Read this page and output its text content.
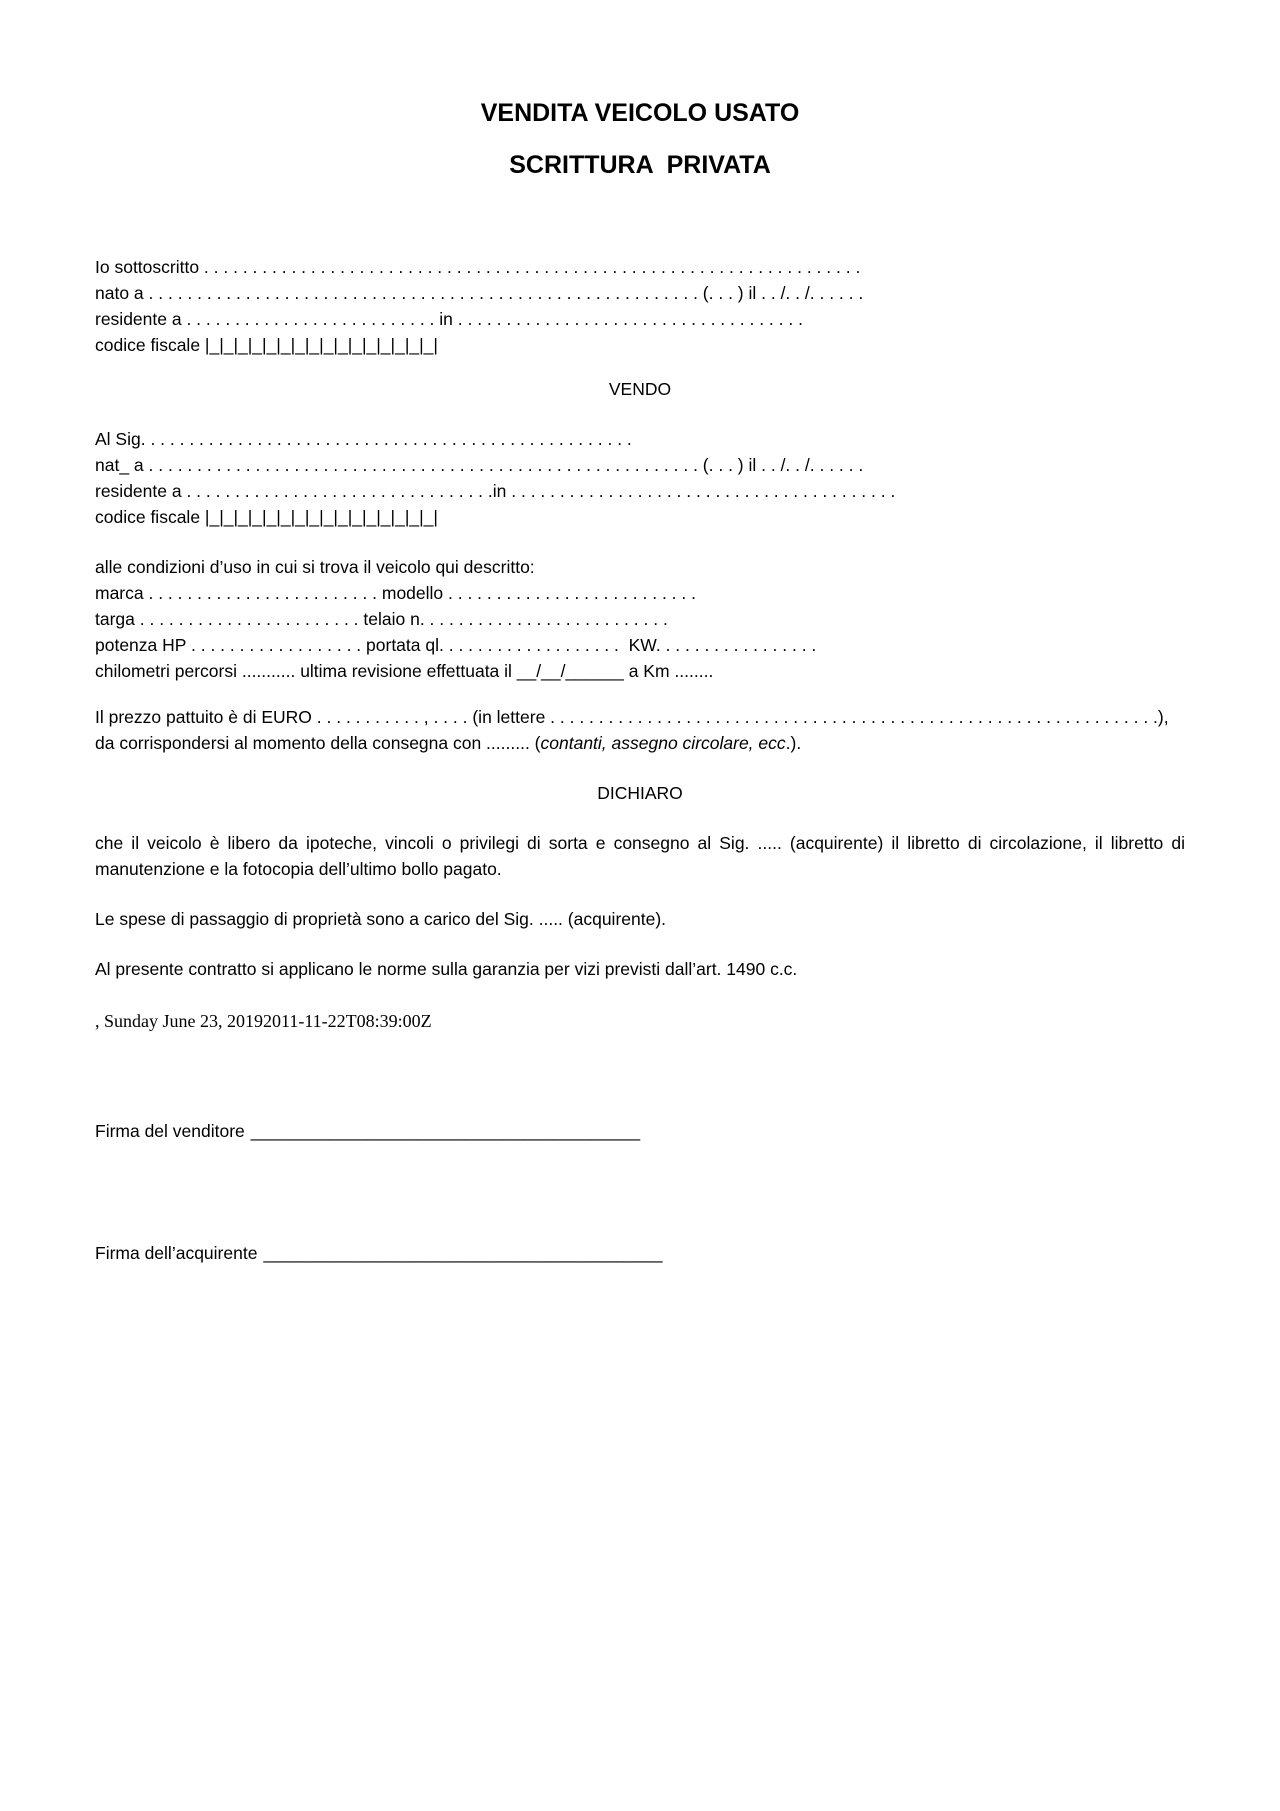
VENDITA VEICOLO USATO
SCRITTURA  PRIVATA
Io sottoscritto . . . . . . . . . . . . . . . . . . . . . . . . . . . . . . . . . . . . . . . . . . . . . . . . . . . . . . . . . . . . . . . . . . . .
nato a . . . . . . . . . . . . . . . . . . . . . . . . . . . . . . . . . . . . . . . . . . . . . . . . . . . . . . . . . (. . . ) il . . /. . /. . . . . .
residente a . . . . . . . . . . . . . . . . . . . . . . . . . . in . . . . . . . . . . . . . . . . . . . . . . . . . . . . . . . . . . . .
codice fiscale |_|_|_|_|_|_|_|_|_|_|_|_|_|_|_|_|
VENDO
Al Sig. . . . . . . . . . . . . . . . . . . . . . . . . . . . . . . . . . . . . . . . . . . . . . . . . . .
nat_ a . . . . . . . . . . . . . . . . . . . . . . . . . . . . . . . . . . . . . . . . . . . . . . . . . . . . . . . . . (. . . ) il . . /. . /. . . . . .
residente a . . . . . . . . . . . . . . . . . . . . . . . . . . . . . . . .in . . . . . . . . . . . . . . . . . . . . . . . . . . . . . . . . . . . . . . . .
codice fiscale |_|_|_|_|_|_|_|_|_|_|_|_|_|_|_|_|
alle condizioni d’uso in cui si trova il veicolo qui descritto:
marca . . . . . . . . . . . . . . . . . . . . . . . . modello . . . . . . . . . . . . . . . . . . . . . . . . . .
targa . . . . . . . . . . . . . . . . . . . . . . . telaio n. . . . . . . . . . . . . . . . . . . . . . . . . .
potenza HP . . . . . . . . . . . . . . . . . . portata ql. . . . . . . . . . . . . . . . . . .  KW. . . . . . . . . . . . . . . . .
chilometri percorsi ........... ultima revisione effettuata il __/__/______ a Km ........
Il prezzo pattuito è di EURO . . . . . . . . . . . , . . . . (in lettere . . . . . . . . . . . . . . . . . . . . . . . . . . . . . . . . . . . . . . . . . . . . . . . . . . . . . . . . . . . . . . .),
da corrispondersi al momento della consegna con ......... (contanti, assegno circolare, ecc.).
DICHIARO

che il veicolo è libero da ipoteche, vincoli o privilegi di sorta e consegno al Sig. ..... (acquirente) il libretto di circolazione, il libretto di manutenzione e la fotocopia dell’ultimo bollo pagato.

Le spese di passaggio di proprietà sono a carico del Sig. ..... (acquirente).

Al presente contratto si applicano le norme sulla garanzia per vizi previsti dall’art. 1490 c.c.

, Sunday June 23, 20192011-11-22T08:39:00Z

Firma del venditore ________________________________________

Firma dell’acquirente _________________________________________
